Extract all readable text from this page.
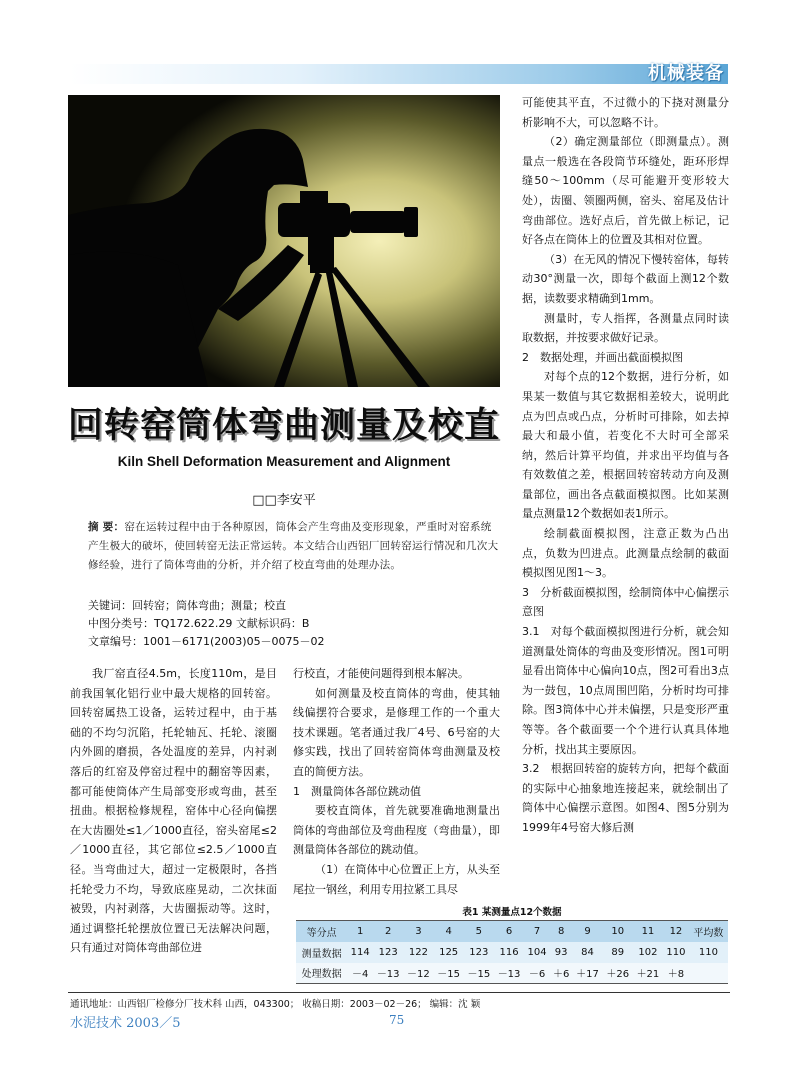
机械装备
回转窑筒体弯曲测量及校直
Kiln Shell Deformation Measurement and Alignment
□□李安平
摘 要：窑在运转过程中由于各种原因，筒体会产生弯曲及变形现象，严重时对窑系统产生极大的破坏，使回转窑无法正常运转。本文结合山西铝厂回转窑运行情况和几次大修经验，进行了筒体弯曲的分析，并介绍了校直弯曲的处理办法。
关键词：回转窑；筒体弯曲；测量；校直
中图分类号：TQ172.622.29 文献标识码：B
文章编号：1001－6171(2003)05－0075－02

我厂窑直径4.5m，长度110m，是目前我国氧化铝行业中最大规格的回转窑。回转窑属热工设备，运转过程中，由于基础的不均匀沉陷，托轮轴瓦、托轮、滚圈内外圆的磨损，各处温度的差异，内衬剥落后的红窑及停窑过程中的翻窑等因素，都可能使筒体产生局部变形或弯曲，甚至扭曲。根据检修规程，窑体中心径向偏摆在大齿圈处≤1／1000直径，窑头窑尾≤2／1000直径，其它部位≤2.5／1000直径。当弯曲过大，超过一定极限时，各挡托轮受力不均，导致底座晃动，二次抹面被毁，内衬剥落，大齿圈振动等。这时，通过调整托轮摆放位置已无法解决问题，只有通过对筒体弯曲部位进

行校直，才能使问题得到根本解决。

如何测量及校直筒体的弯曲，使其轴线偏摆符合要求，是修理工作的一个重大技术课题。笔者通过我厂4号、6号窑的大修实践，找出了回转窑筒体弯曲测量及校直的简便方法。

1　测量筒体各部位跳动值

要校直筒体，首先就要准确地测量出筒体的弯曲部位及弯曲程度（弯曲量），即测量筒体各部位的跳动值。

（1）在筒体中心位置正上方，从头至尾拉一钢丝，利用专用拉紧工具尽

可能使其平直，不过微小的下挠对测量分析影响不大，可以忽略不计。

（2）确定测量部位（即测量点）。测量点一般选在各段筒节环缝处，距环形焊缝50～100mm（尽可能避开变形较大处），齿圈、领圈两侧，窑头、窑尾及估计弯曲部位。选好点后，首先做上标记，记好各点在筒体上的位置及其相对位置。

（3）在无风的情况下慢转窑体，每转动30°测量一次，即每个截面上测12个数据，读数要求精确到1mm。

测量时，专人指挥，各测量点同时读取数据，并按要求做好记录。

2　数据处理，并画出截面模拟图

对每个点的12个数据，进行分析，如果某一数值与其它数据相差较大，说明此点为凹点或凸点，分析时可排除，如去掉最大和最小值，若变化不大时可全部采纳，然后计算平均值，并求出平均值与各有效数值之差，根据回转窑转动方向及测量部位，画出各点截面模拟图。比如某测量点测量12个数据如表1所示。

绘制截面模拟图，注意正数为凸出点，负数为凹进点。此测量点绘制的截面模拟图见图1～3。

3　分析截面模拟图，绘制筒体中心偏摆示意图

3.1　对每个截面模拟图进行分析，就会知道测量处筒体的弯曲及变形情况。图1可明显看出筒体中心偏向10点，图2可看出3点为一鼓包，10点周围凹陷，分析时均可排除。图3筒体中心并未偏摆，只是变形严重等等。各个截面要一个个进行认真具体地分析，找出其主要原因。

3.2　根据回转窑的旋转方向，把每个截面的实际中心抽象地连接起来，就绘制出了筒体中心偏摆示意图。如图4、图5分别为1999年4号窑大修后测

表1 某测量点12个数据
等分点	1	2	3	4	5	6	7	8	9	10	11	12	平均数
测量数据	114	123	122	125	123	116	104	93	84	89	102	110	110
处理数据	－4	－13	－12	－15	－15	－13	－6	＋6	＋17	＋26	＋21	＋8	
通讯地址：山西铝厂检修分厂技术科 山西，043300； 收稿日期：2003－02－26； 编辑：沈 颖
水泥技术 2003／5	75
